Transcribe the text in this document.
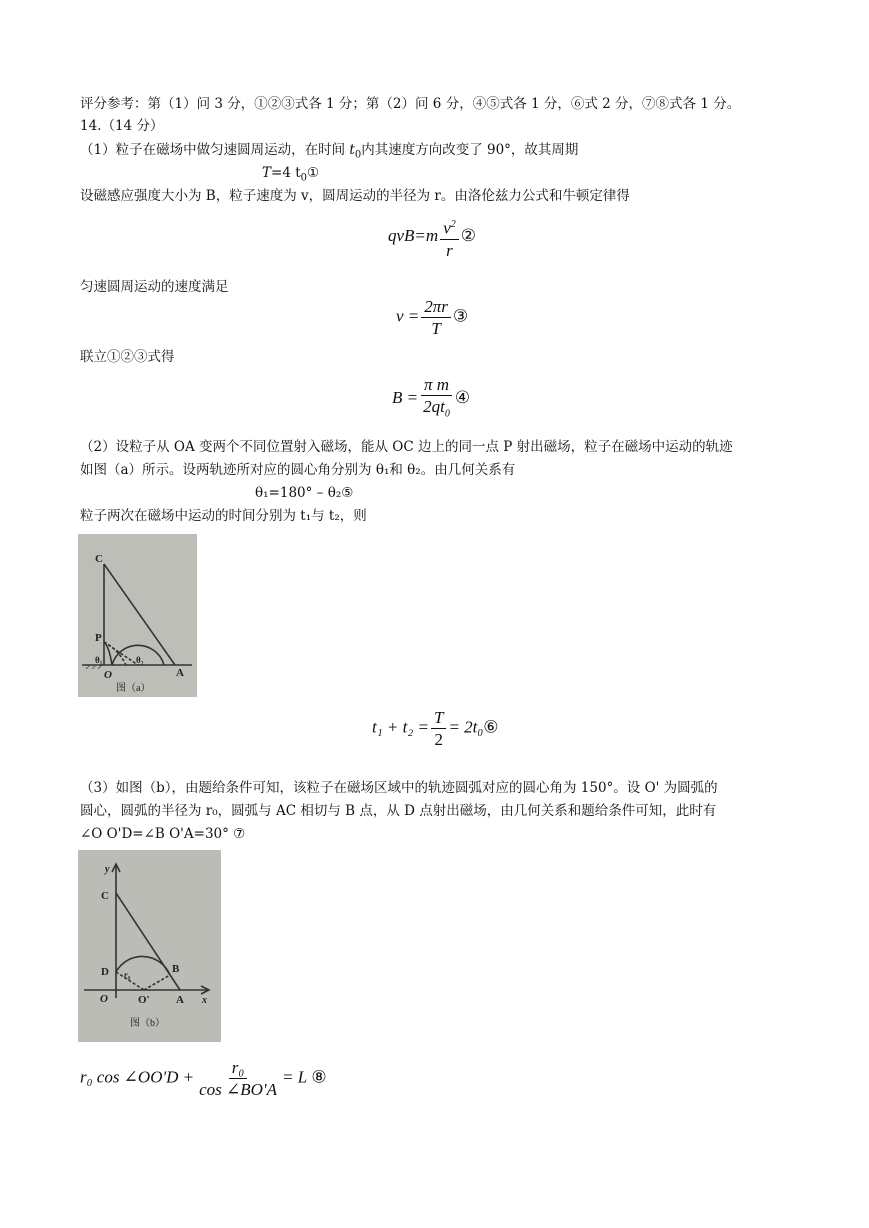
评分参考：第（1）问 3 分，①②③式各 1 分；第（2）问 6 分，④⑤式各 1 分，⑥式 2 分，⑦⑧式各 1 分。
14.（14 分）
（1）粒子在磁场中做匀速圆周运动，在时间 $t_0$内其速度方向改变了 90°，故其周期
T=4 $t_0①$
设磁感应强度大小为 B，粒子速度为 v，圆周运动的半径为 r。由洛伦兹力公式和牛顿定律得
$qvB=m \frac{v^2}{r}$ ②
匀速圆周运动的速度满足
$v = \frac{2\pi r}{T}$ ③
联立①②③式得
$B = \frac{\text{π m}}{2qt_0}$ ④
（2）设粒子从 OA 变两个不同位置射入磁场，能从 OC 边上的同一点 P 射出磁场，粒子在磁场中运动的轨迹
如图（a）所示。设两轨迹所对应的圆心角分别为 θ₁和 θ₂。由几何关系有
θ₁=180° – θ₂⑤
粒子两次在磁场中运动的时间分别为 t₁与 t₂，则
C
P
O	A
θ₁	θ₂
图（a）
$t_1 + t_2 = \frac{T}{2}$ = 2t₀⑥
（3）如图（b），由题给条件可知，该粒子在磁场区域中的轨迹圆弧对应的圆心角为 150°。设 O' 为圆弧的
圆心，圆弧的半径为 r₀，圆弧与 AC 相切与 B 点，从 D 点射出磁场，由几何关系和题给条件可知，此时有
∠O O'D=∠B O'A=30° ⑦
y
C
D	B
r₀
O	O' A x
图（b）
r₀ cos ∠OO'D + $\frac{\text{r₀}}{\cos \angle BO'A} = L$ ⑧
